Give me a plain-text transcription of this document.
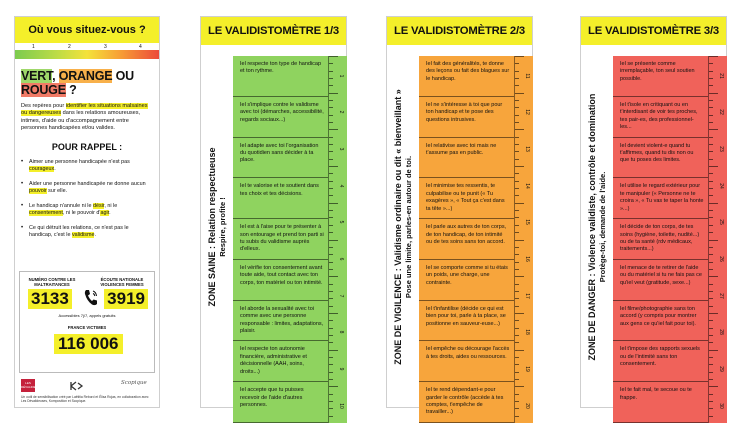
Où vous situez-vous ?
1	2	3	4
VERT, ORANGE OU ROUGE ?
Des repères pour identifier les situations malsaines ou dangereuses dans les relations amoureuses, intimes, d'aide ou d'accompagnement entre personnes handicapées et/ou valides.
POUR RAPPEL :
• Aimer une personne handicapée n'est pas courageux.
• Aider une personne handicapée ne donne aucun pouvoir sur elle.
• Le handicap n'annule ni le désir, ni le consentement, ni le pouvoir d'agir.
• Ce qui détruit les relations, ce n'est pas le handicap, c'est le validisme.
NUMÉRO CONTRE LES MALTRAITANCES
ÉCOUTE NATIONALE VIOLENCES FEMMES
3133 3919
Accessibles 7j/7, appels gratuits
FRANCE VICTIMES
116 006
LES DÉVALIDEUSES
Scopique
Un outil de sensibilisation créé par Laëtitia Rebord et Élisa Rojas, en collaboration avec Les Dévalideuses, Komposition et Scopique.
LE VALIDISTOMÈTRE 1/3
ZONE SAINE : Relation respectueuse Respire, profite !
Iel respecte ton type de handicap et ton rythme.
Iel s'implique contre le validisme avec toi (démarches, accessibilité, regards sociaux...)
Iel adapte avec toi l'organisation du quotidien sans décider à ta place.
Iel te valorise et te soutient dans tes choix et tes décisions.
Iel est à l'aise pour te présenter à son entourage et prend ton parti si tu subis du validisme auprès d'elleux.
Iel vérifie ton consentement avant toute aide, tout contact avec ton corps, ton matériel ou ton intimité.
Iel aborde la sexualité avec toi comme avec une personne responsable : limites, adaptations, plaisir.
Iel respecte ton autonomie financière, administrative et décisionnelle (AAH, soins, droits...)
Iel accepte que tu puisses recevoir de l'aide d'autres personnes.
1
2
3
4
5
6
7
8
9
10
LE VALIDISTOMÈTRE 2/3
ZONE DE VIGILENCE : Validisme ordinaire ou dit « bienveillant » Pose une limite, parles-en autour de toi.
Iel fait des généralités, te donne des leçons ou fait des blagues sur le handicap.
Iel ne s'intéresse à toi que pour ton handicap et te pose des questions intrusives.
Iel relativise avec toi mais ne t'assume pas en public.
Iel minimise tes ressentis, te culpabilise ou te punit (« Tu exagères », « Tout ça c'est dans ta tête »...)
Iel parle aux autres de ton corps, de ton handicap, de ton intimité ou de tes soins sans ton accord.
Iel se comporte comme si tu étais un poids, une charge, une contrainte.
Iel t'infantilise (décide ce qui est bien pour toi, parle à ta place, se positionne en sauveur-euse...)
Iel empêche ou décourage l'accès à tes droits, aides ou ressources.
Iel te rend dépendant-e pour garder le contrôle (accède à tes comptes, t'empêche de travailler...)
11
12
13
14
15
16
17
18
19
20
LE VALIDISTOMÈTRE 3/3
ZONE DE DANGER : Violence validiste, contrôle et domination Protège-toi, demande de l'aide.
Iel se présente comme irremplaçable, ton seul soutien possible.
Iel t'isole en critiquant ou en t'interdisant de voir tes proches, tes pair-es, des professionnel-les...
Iel devient violent-e quand tu t'affirmes, quand tu dis non ou que tu poses des limites.
Iel utilise le regard extérieur pour te manipuler (« Personne ne te croira », « Tu vas te taper la honte »...)
Iel décide de ton corps, de tes soins (hygiène, toilette, nudité...) ou de ta santé (rdv médicaux, traitements...)
Iel menace de te retirer de l'aide ou du matériel si tu ne fais pas ce qu'iel veut (gratitude, sexe...)
Iel filme/photographie sans ton accord (y compris pour montrer aux gens ce qu'iel fait pour toi).
Iel t'impose des rapports sexuels ou de l'intimité sans ton consentement.
Iel te fait mal, te secoue ou te frappe.
21
22
23
24
25
26
27
28
29
30
